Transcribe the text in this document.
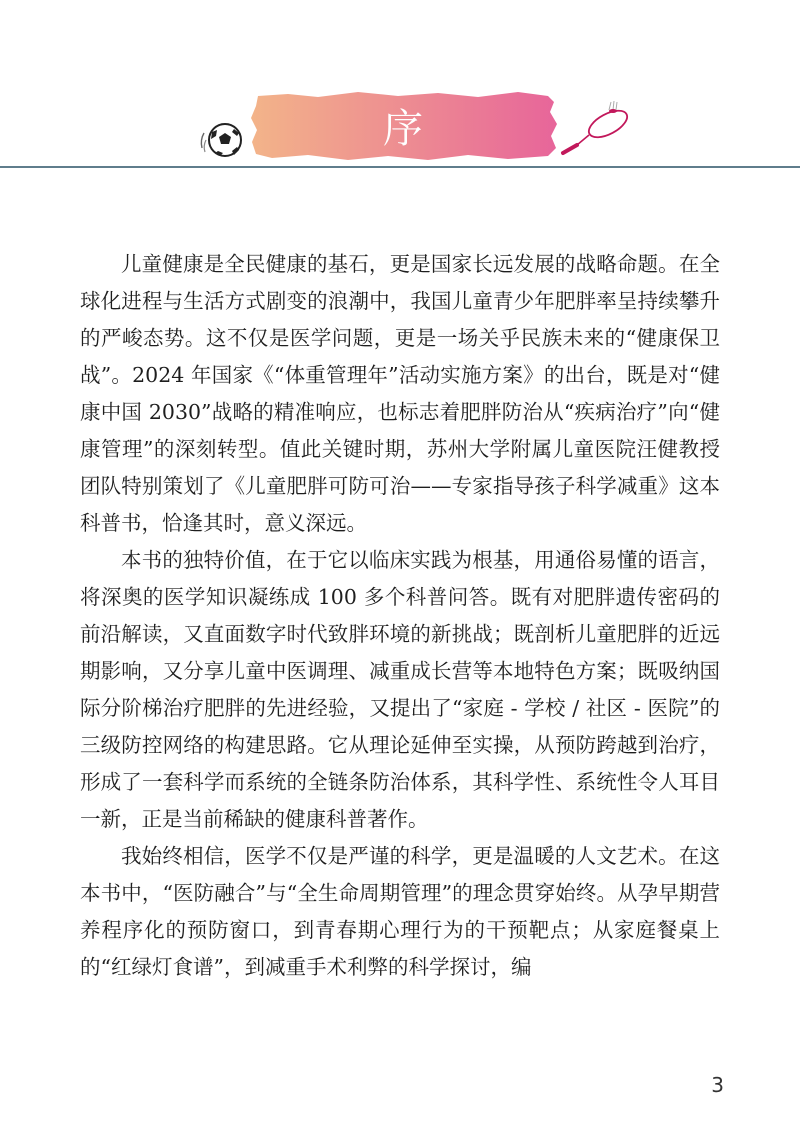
序

儿童健康是全民健康的基石，更是国家长远发展的战略命题。在全球化进程与生活方式剧变的浪潮中，我国儿童青少年肥胖率呈持续攀升的严峻态势。这不仅是医学问题，更是一场关乎民族未来的“健康保卫战”。2024 年国家《“体重管理年”活动实施方案》的出台，既是对“健康中国 2030”战略的精准响应，也标志着肥胖防治从“疾病治疗”向“健康管理”的深刻转型。值此关键时期，苏州大学附属儿童医院汪健教授团队特别策划了《儿童肥胖可防可治——专家指导孩子科学减重》这本科普书，恰逢其时，意义深远。

本书的独特价值，在于它以临床实践为根基，用通俗易懂的语言，将深奥的医学知识凝练成 100 多个科普问答。既有对肥胖遗传密码的前沿解读，又直面数字时代致胖环境的新挑战；既剖析儿童肥胖的近远期影响，又分享儿童中医调理、减重成长营等本地特色方案；既吸纳国际分阶梯治疗肥胖的先进经验，又提出了“家庭 - 学校 / 社区 - 医院”的三级防控网络的构建思路。它从理论延伸至实操，从预防跨越到治疗，形成了一套科学而系统的全链条防治体系，其科学性、系统性令人耳目一新，正是当前稀缺的健康科普著作。

我始终相信，医学不仅是严谨的科学，更是温暖的人文艺术。在这本书中，“医防融合”与“全生命周期管理”的理念贯穿始终。从孕早期营养程序化的预防窗口，到青春期心理行为的干预靶点；从家庭餐桌上的“红绿灯食谱”，到减重手术利弊的科学探讨，编

3
